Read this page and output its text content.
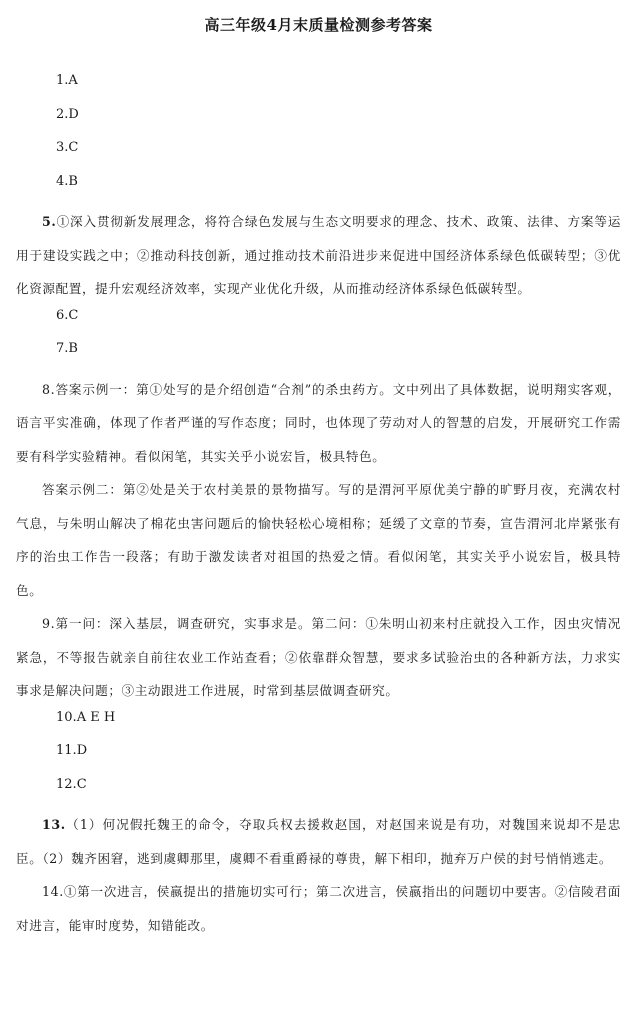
高三年级4月末质量检测参考答案
1.A
2.D
3.C
4.B

5.①深入贯彻新发展理念，将符合绿色发展与生态文明要求的理念、技术、政策、法律、方案等运用于建设实践之中；②推动科技创新，通过推动技术前沿进步来促进中国经济体系绿色低碳转型；③优化资源配置，提升宏观经济效率，实现产业优化升级，从而推动经济体系绿色低碳转型。

6.C
7.B

8.答案示例一：第①处写的是介绍创造“合剂”的杀虫药方。文中列出了具体数据，说明翔实客观，语言平实准确，体现了作者严谨的写作态度；同时，也体现了劳动对人的智慧的启发，开展研究工作需要有科学实验精神。看似闲笔，其实关乎小说宏旨，极具特色。

答案示例二：第②处是关于农村美景的景物描写。写的是渭河平原优美宁静的旷野月夜，充满农村气息，与朱明山解决了棉花虫害问题后的愉快轻松心境相称；延缓了文章的节奏，宣告渭河北岸紧张有序的治虫工作告一段落；有助于激发读者对祖国的热爱之情。看似闲笔，其实关乎小说宏旨，极具特色。

9.第一问：深入基层，调查研究，实事求是。第二问：①朱明山初来村庄就投入工作，因虫灾情况紧急，不等报告就亲自前往农业工作站查看；②依靠群众智慧，要求多试验治虫的各种新方法，力求实事求是解决问题；③主动跟进工作进展，时常到基层做调查研究。

10.A E H
11.D
12.C

13.（1）何况假托魏王的命令，夺取兵权去援救赵国，对赵国来说是有功，对魏国来说却不是忠臣。（2）魏齐困窘，逃到虞卿那里，虞卿不看重爵禄的尊贵，解下相印，抛弃万户侯的封号悄悄逃走。

14.①第一次进言，侯嬴提出的措施切实可行；第二次进言，侯嬴指出的问题切中要害。②信陵君面对进言，能审时度势，知错能改。
